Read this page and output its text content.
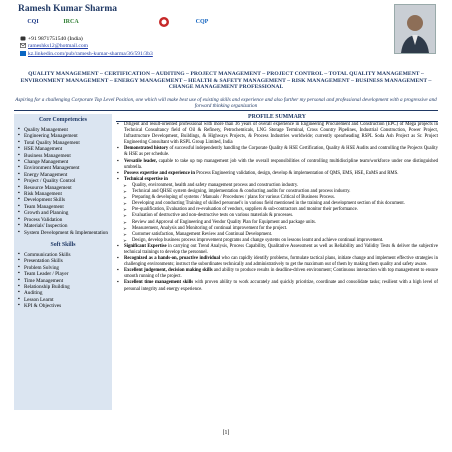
Ramesh Kumar Sharma
CQI	IRCA	CQP
+91 9871751540 (India)
rameshks12@hotmail.com
kz.linkedin.com/pub/ramesh-kumar-sharma/36/591/3b3
QUALITY MANAGEMENT ~ CERTIFICATION ~ AUDITING ~ PROJECT MANAGEMENT ~ PROJECT CONTROL ~ TOTAL QUALITY MANAGEMENT ~ ENVIRONMENT MANAGEMENT ~ ENERGY MANAGEMENT ~ HEALTH & SAFETY MANAGEMENT ~ RISK MANAGEMENT ~ BUSINESS MANAGEMENT ~ CHANGE MANAGEMENT PROFESSIONAL
Aspiring for a challenging Corporate Top Level Position, one which will make best use of existing skills and experience and also further my personal and professional development with a progressive and forward thinking organization
Core Competencies
▪ Quality Management
▪ Engineering Management
▪ Total Quality Management
▪ HSE Management
▪ Business Management
▪ Change Management
▪ Environment Management
▪ Energy Management
▪ Project / Quality Control
▪ Resource Management
▪ Risk Management
▪ Development Skills
▪ Team Management
▪ Growth and Planning
▪ Process Validation
▪ Materials' Inspection
▪ System Development & Implementation
Soft Skills
▪ Communication Skills
▪ Presentation Skills
▪ Problem Solving
▪ Team Leader / Player
▪ Time Management
▪ Relationship Building
▪ Auditing
▪ Lesson Learnt
▪ KPI & Objectives
PROFILE SUMMARY
▪ Diligent and result-oriented professional with more than 36 years of overall experience in Engineering Procurement and Construction (EPC) of Mega projects in Technical Consultancy field of Oil & Refinery, Petrochemicals, LNG Storage Terminal, Cross Country Pipelines, Industrial Construction, Power Project, Infrastructure Development, Buildings, & Highways Projects, & Process Industries worldwide; currently spearheading RSPL Soda Ash Project as Sr. Project Engineering Consultant with RSPL Group Limited, India
▪ Demonstrated history of successful independently handling the Corporate Quality & HSE Certification, Quality & HSE Audits and controlling the Projects Quality & HSE as per schedule.
▪ Versatile leader, capable to take up top management job with the overall responsibilities of controlling multidiscipline team/workforce under one distinguished umbrella.
▪ Possess expertise and experience in Process Engineering validation, design, develop & implementation of QMS, EMS, HSE, EnMS and RMS.
▪ Technical expertise in
➢ Quality, environment, health and safety management process and construction industry.
➢ Technical and QHSE system designing, implementation & conducting audits for construction and process industry.
➢ Preparing & developing of systems / Manuals / Procedures / plans for various Critical of Business Process.
➢ Developing and conducting Training of skilled personnel's in various field mentioned in the training and development section of this document.
➢ Pre-qualification, Evaluation and re-evaluation of vendors, suppliers & sub-contractors and monitor their performance.
➢ Evaluation of destructive and non-destructive tests on various materials & processes.
➢ Review and Approval of Engineering and Vendor Quality Plan for Equipment and package units.
➢ Measurement, Analysis and Monitoring of continual improvement for the project.
➢ Customer satisfaction, Management Review and Continual Development.
➢ Design, develop business process improvement programs and change systems on lessons learnt and achieve continual improvement.
▪ Significant Expertise in carrying out Trend Analysis, Process Capability, Qualitative Assessment as well as Reliability and Validity Tests & deliver the subjective technical trainings to develop the personnel.
▪ Recognized as a hands-on, proactive individual who can rapidly identify problems, formulate tactical plans, initiate change and implement effective strategies in challenging environments; instruct the subordinates technically and administratively to get the maximum out of them by making them quality and safety aware.
▪ Excellent judgement, decision making skills and ability to produce results in deadline-driven environment; Continuous interaction with top management to ensure smooth running of the project.
▪ Excellent time management skills with proven ability to work accurately and quickly prioritize, coordinate and consolidate tasks; resilient with a high level of personal integrity and energy experience.
[1]
